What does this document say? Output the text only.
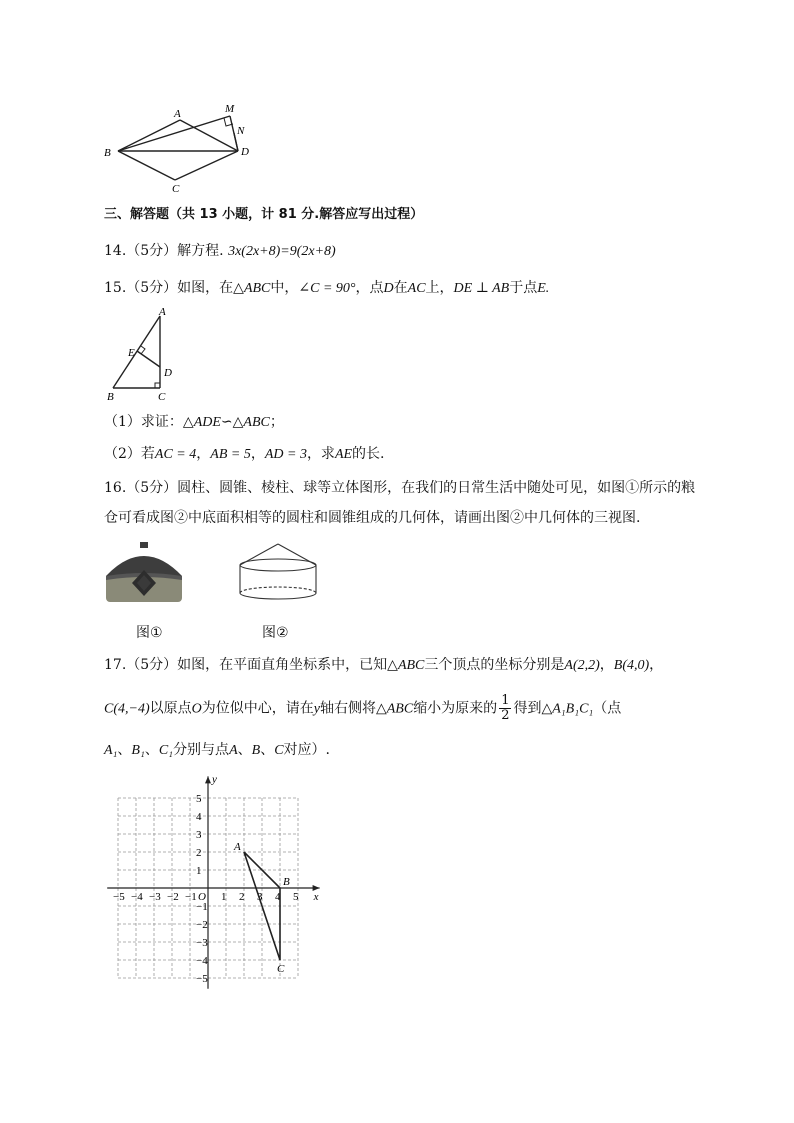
A	M
N
B	D
C
三、解答题（共 13 小题，计 81 分.解答应写出过程）
14.（5分）解方程. 3x(2x+8)=9(2x+8)
15.（5分）如图，在△ABC中，∠C = 90°，点D在AC上，DE ⊥ AB于点E.
A
E
D
B	C
（1）求证：△ADE∽△ABC；
（2）若AC = 4，AB = 5，AD = 3，求AE的长.
16.（5分）圆柱、圆锥、棱柱、球等立体图形，在我们的日常生活中随处可见，如图①所示的粮
仓可看成图②中底面积相等的圆柱和圆锥组成的几何体，请画出图②中几何体的三视图.
图①	图②
17.（5分）如图，在平面直角坐标系中，已知△ABC三个顶点的坐标分别是A(2,2)，B(4,0)，
C(4,−4)以原点O为位似中心，请在y轴右侧将△ABC缩小为原来的 $\frac{1}{2}$ 得到△A₁B₁C₁（点
A₁、B₁、C₁分别与点A、B、C对应）.
x
y
O
−5 −4 −3 −2 −1 1 2 3 4 5
5
4
3
2
1
−1
−2
−3
−4
−5
A
B
C
